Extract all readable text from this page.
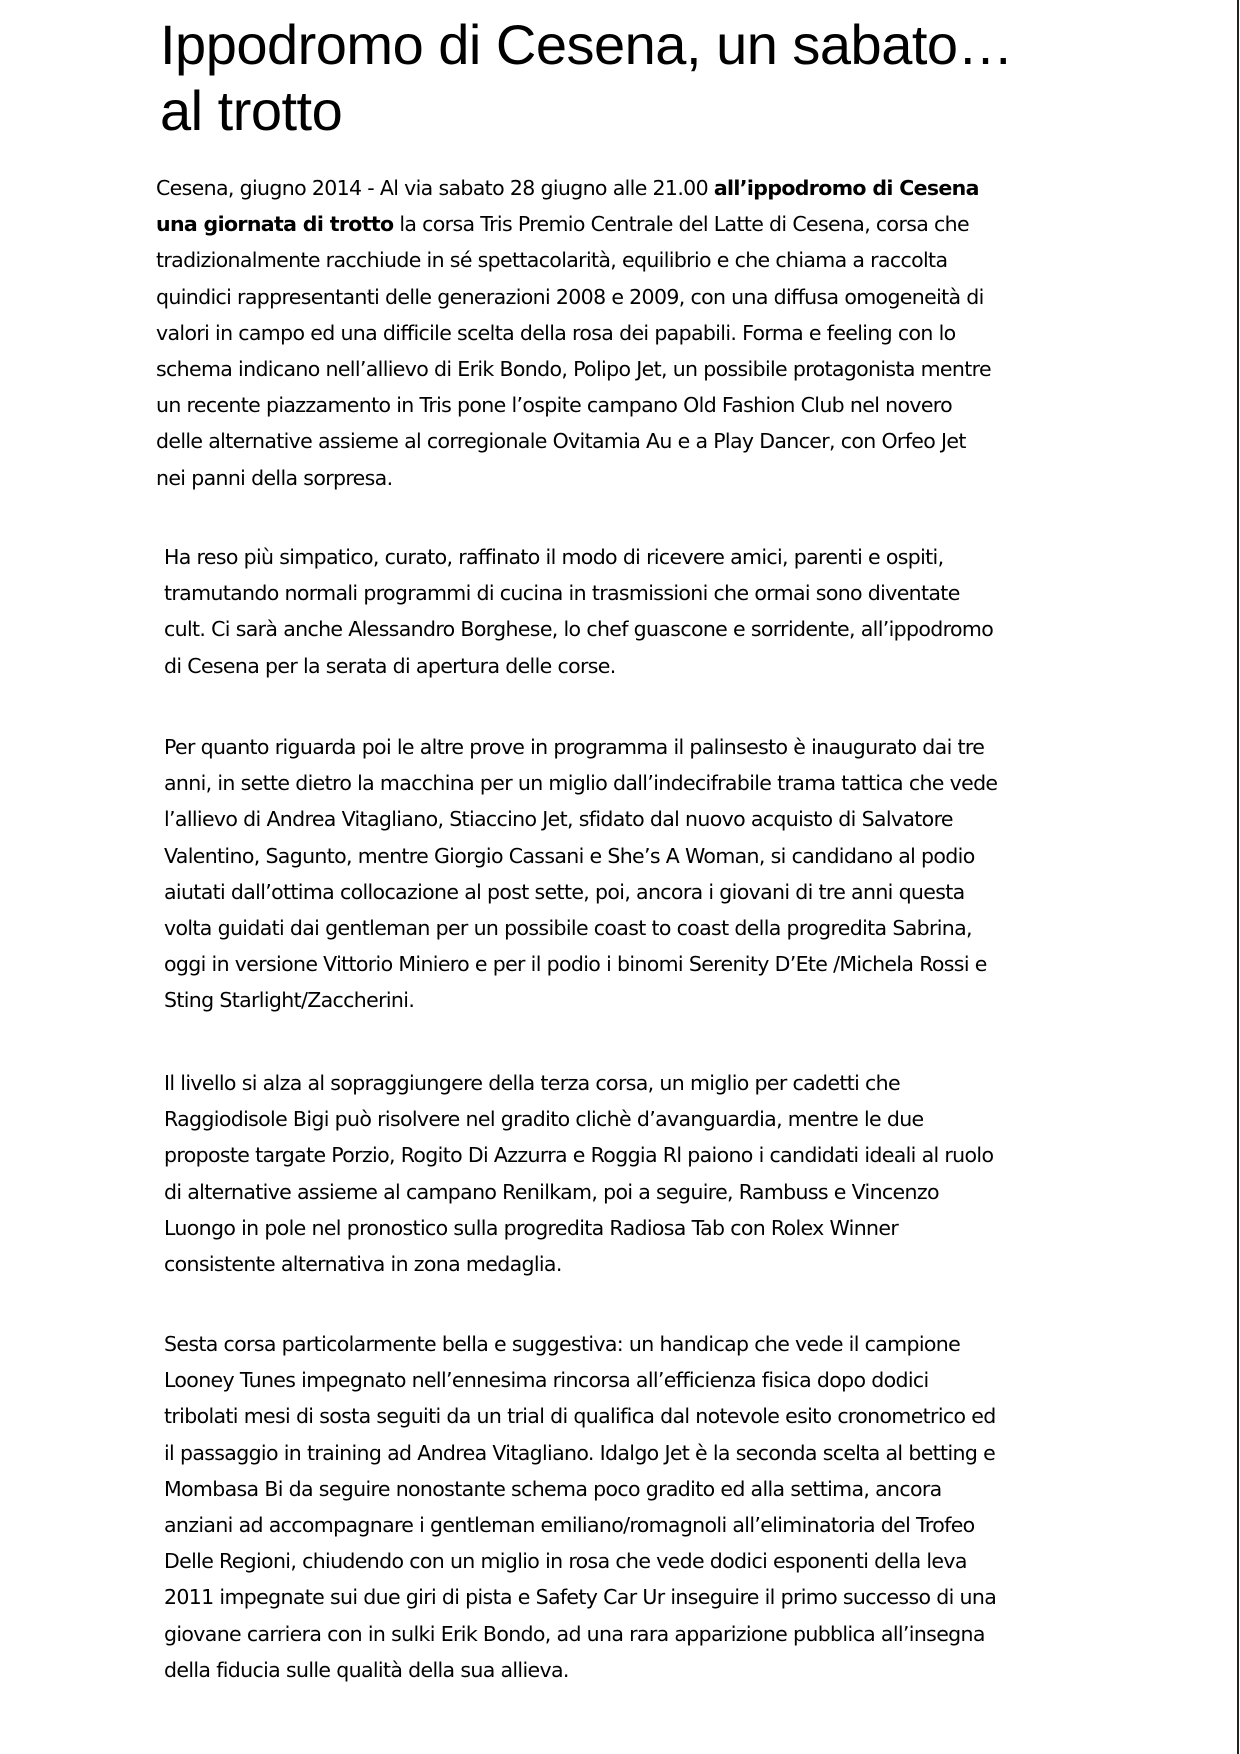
Ippodromo di Cesena, un sabato… al trotto

Cesena, giugno 2014 - Al via sabato 28 giugno alle 21.00 all’ippodromo di Cesena una giornata di trotto la corsa Tris Premio Centrale del Latte di Cesena, corsa che tradizionalmente racchiude in sé spettacolarità, equilibrio e che chiama a raccolta quindici rappresentanti delle generazioni 2008 e 2009, con una diffusa omogeneità di valori in campo ed una difficile scelta della rosa dei papabili. Forma e feeling con lo schema indicano nell’allievo di Erik Bondo, Polipo Jet, un possibile protagonista mentre un recente piazzamento in Tris pone l’ospite campano Old Fashion Club nel novero delle alternative assieme al corregionale Ovitamia Au e a Play Dancer, con Orfeo Jet nei panni della sorpresa.

Ha reso più simpatico, curato, raffinato il modo di ricevere amici, parenti e ospiti, tramutando normali programmi di cucina in trasmissioni che ormai sono diventate cult. Ci sarà anche Alessandro Borghese, lo chef guascone e sorridente, all’ippodromo di Cesena per la serata di apertura delle corse.

Per quanto riguarda poi le altre prove in programma il palinsesto è inaugurato dai tre anni, in sette dietro la macchina per un miglio dall’indecifrabile trama tattica che vede l’allievo di Andrea Vitagliano, Stiaccino Jet, sfidato dal nuovo acquisto di Salvatore Valentino, Sagunto, mentre Giorgio Cassani e She’s A Woman, si candidano al podio aiutati dall’ottima collocazione al post sette, poi, ancora i giovani di tre anni questa volta guidati dai gentleman per un possibile coast to coast della progredita Sabrina, oggi in versione Vittorio Miniero e per il podio i binomi Serenity D’Ete /Michela Rossi e Sting Starlight/Zaccherini.

Il livello si alza al sopraggiungere della terza corsa, un miglio per cadetti che Raggiodisole Bigi può risolvere nel gradito clichè d’avanguardia, mentre le due proposte targate Porzio, Rogito Di Azzurra e Roggia Rl paiono i candidati ideali al ruolo di alternative assieme al campano Renilkam, poi a seguire, Rambuss e Vincenzo Luongo in pole nel pronostico sulla progredita Radiosa Tab con Rolex Winner consistente alternativa in zona medaglia.

Sesta corsa particolarmente bella e suggestiva: un handicap che vede il campione Looney Tunes impegnato nell’ennesima rincorsa all’efficienza fisica dopo dodici tribolati mesi di sosta seguiti da un trial di qualifica dal notevole esito cronometrico ed il passaggio in training ad Andrea Vitagliano. Idalgo Jet è la seconda scelta al betting e Mombasa Bi da seguire nonostante schema poco gradito ed alla settima, ancora anziani ad accompagnare i gentleman emiliano/romagnoli all’eliminatoria del Trofeo Delle Regioni, chiudendo con un miglio in rosa che vede dodici esponenti della leva 2011 impegnate sui due giri di pista e Safety Car Ur inseguire il primo successo di una giovane carriera con in sulki Erik Bondo, ad una rara apparizione pubblica all’insegna della fiducia sulle qualità della sua allieva.
